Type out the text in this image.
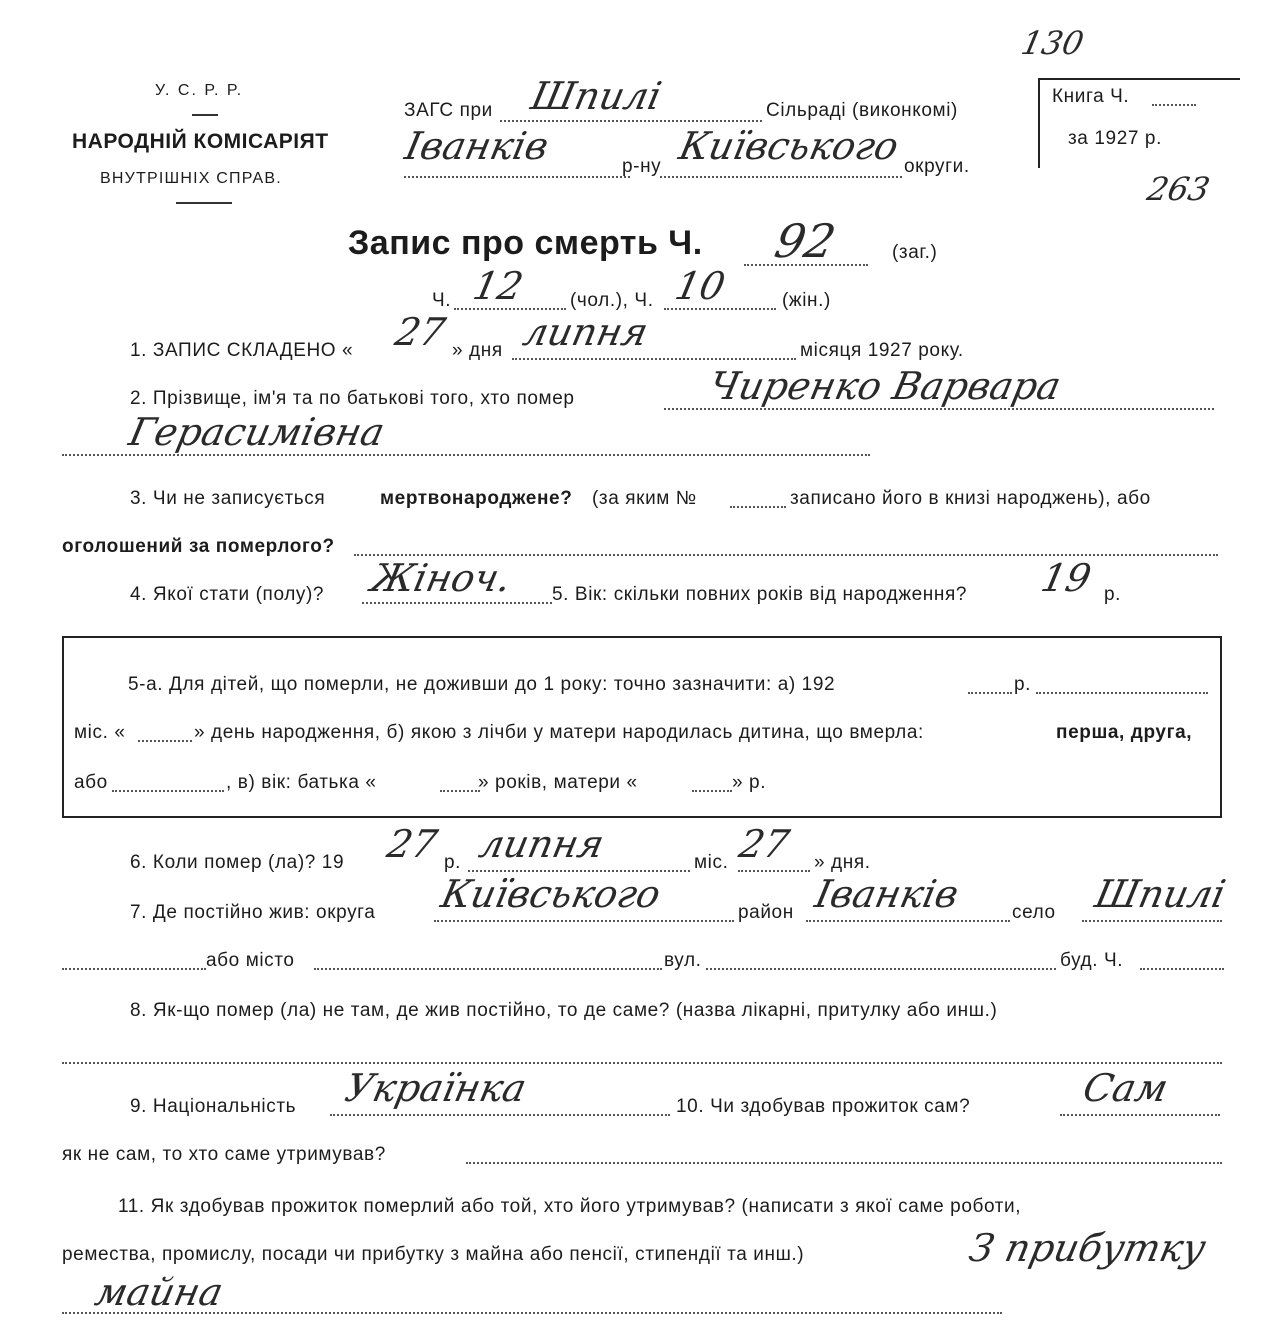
У. С. Р. Р.
НАРОДНІЙ КОМІСАРІЯТ
ВНУТРІШНІХ СПРАВ.
ЗАГС при Шпилі	Сільраді (виконкомі)
Іванків	р-ну Київського округи.
Книга Ч.
за 1927 р.
130
263
Запис про смерть Ч. 92	(заг.)
Ч. 12 (чол.), Ч. 10	(жін.)
1. ЗАПИС СКЛАДЕНО « 27 » дня липня	місяця 1927 року.
2. Прізвище, ім'я та по батькові того, хто помер	Чиренко Варвара
Герасимівна
3. Чи не записується	мертвонароджене? (за яким №	записано його в книзі народжень), або
оголошений за померлого?
4. Якої стати (полу)? Жіноч. 5. Вік: скільки повних років від народження? 19 р.
5-а. Для дітей, що померли, не доживши до 1 року: точно зазначити: а) 192	р.
міс. «	» день народження, б) якою з лічби у матери народилась дитина, що вмерла:	перша, друга,
або	, в) вік: батька «	» років, матери «	» р.
6. Коли помер (ла)? 19 27 р. липня	міс. 27 » дня.
7. Де постійно жив: округа Київського	район Іванків	село Шпилі
або місто	вул.	буд. Ч.
8. Як-що помер (ла) не там, де жив постійно, то де саме? (назва лікарні, притулку або инш.)
9. Національність Українка	10. Чи здобував прожиток сам?	Сам
як не сам, то хто саме утримував?
11. Як здобував прожиток померлий або той, хто його утримував? (написати з якої саме роботи,
ремества, промислу, посади чи прибутку з майна або пенсії, стипендії та инш.)	З прибутку
майна
